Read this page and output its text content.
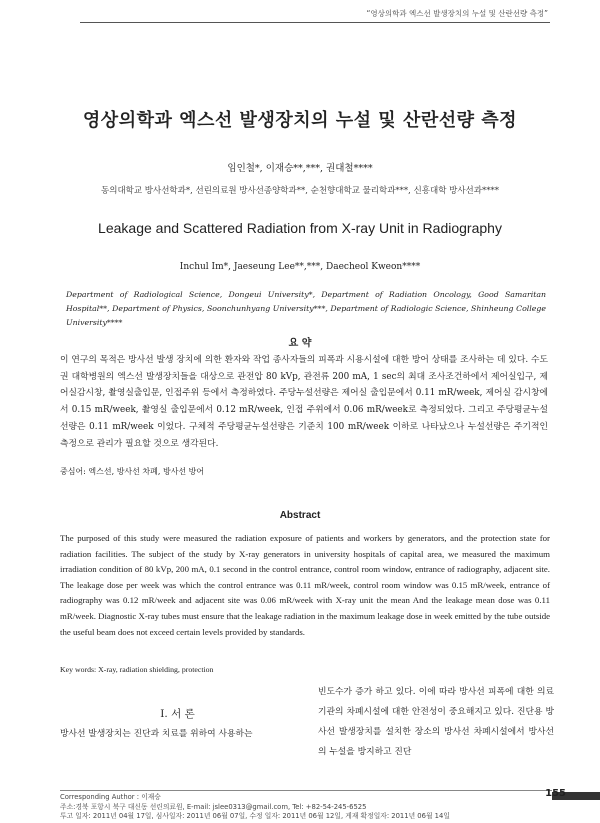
“영상의학과 엑스선 발생장치의 누설 및 산란선량 측정”
영상의학과 엑스선 발생장치의 누설 및 산란선량 측정
임인철*, 이재승**,***, 권대철****
동의대학교 방사선학과*, 선린의료원 방사선종양학과**, 순천향대학교 물리학과***, 신흥대학 방사선과****
Leakage and Scattered Radiation from X-ray Unit in Radiography
Inchul Im*, Jaeseung Lee**,***, Daecheol Kweon****
Department of Radiological Science, Dongeui University*, Department of Radiation Oncology, Good Samaritan Hospital**, Department of Physics, Soonchunhyang University***, Department of Radiologic Science, Shinheung College University****
요 약
이 연구의 목적은 방사선 발생 장치에 의한 환자와 작업 종사자들의 피폭과 시용시설에 대한 방어 상태를 조사하는 데 있다. 수도권 대학병원의 엑스선 발생장치들을 대상으로 관전압 80 kVp, 관전류 200 mA, 1 sec의 최대 조사조건하에서 제어실입구, 제어실감시창, 촬영실출입문, 인접주위 등에서 측정하였다. 주당누설선량은 제어실 출입문에서 0.11 mR/week, 제어실 감시창에서 0.15 mR/week, 촬영실 출입문에서 0.12 mR/week, 인접 주위에서 0.06 mR/week로 측정되었다. 그리고 주당평균누설선량은 0.11 mR/week 이었다. 구체적 주당평균누설선량은 기준치 100 mR/week 이하로 나타났으나 누설선량은 주기적인 측정으로 관리가 필요할 것으로 생각된다.
중심어: 엑스선, 방사선 차폐, 방사선 방어
Abstract
The purposed of this study were measured the radiation exposure of patients and workers by generators, and the protection state for radiation facilities. The subject of the study by X-ray generators in university hospitals of capital area, we measured the maximum irradiation condition of 80 kVp, 200 mA, 0.1 second in the control entrance, control room window, entrance of radiography, adjacent site. The leakage dose per week was which the control entrance was 0.11 mR/week, control room window was 0.15 mR/week, entrance of radiography was 0.12 mR/week and adjacent site was 0.06 mR/week with X-ray unit the mean And the leakage mean dose was 0.11 mR/week. Diagnostic X-ray tubes must ensure that the leakage radiation in the maximum leakage dose in week emitted by the tube outside the useful beam does not exceed certain levels provided by standards.
Key words: X-ray, radiation shielding, protection
I. 서 론
방사선 발생장치는 진단과 치료를 위하여 사용하는
빈도수가 증가 하고 있다. 이에 따라 방사선 피폭에 대한 의료기관의 차폐시설에 대한 안전성이 중요해지고 있다. 진단용 방사선 발생장치를 설치한 장소의 방사선 차폐시설에서 방사선의 누설을 방지하고 진단
155
Corresponding Author : 이재승
주소:경북 포항시 북구 대신동 선린의료원, E-mail: jslee0313@gmail.com, Tel: +82-54-245-6525
투고 일자: 2011년 04월 17일, 심사일자: 2011년 06월 07일, 수정 일자: 2011년 06월 12일, 게재 확정일자: 2011년 06월 14일
